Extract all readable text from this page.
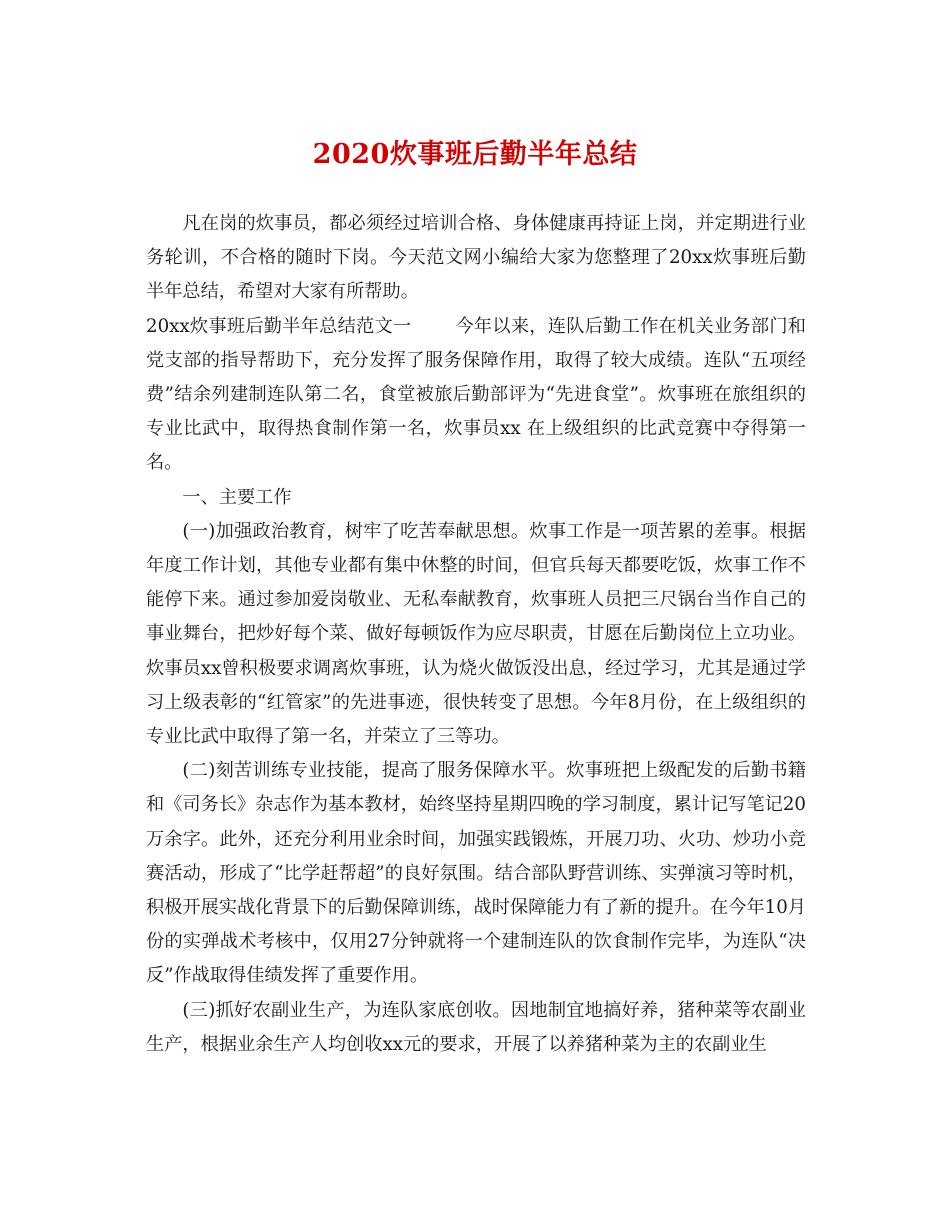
2020炊事班后勤半年总结

凡在岗的炊事员，都必须经过培训合格、身体健康再持证上岗，并定期进行业务轮训，不合格的随时下岗。今天范文网小编给大家为您整理了20xx炊事班后勤半年总结，希望对大家有所帮助。

20xx炊事班后勤半年总结范文一 今年以来，连队后勤工作在机关业务部门和党支部的指导帮助下，充分发挥了服务保障作用，取得了较大成绩。连队“五项经费”结余列建制连队第二名，食堂被旅后勤部评为“先进食堂”。炊事班在旅组织的专业比武中，取得热食制作第一名，炊事员xx 在上级组织的比武竞赛中夺得第一名。

一、主要工作

(一)加强政治教育，树牢了吃苦奉献思想。炊事工作是一项苦累的差事。根据年度工作计划，其他专业都有集中休整的时间，但官兵每天都要吃饭，炊事工作不能停下来。通过参加爱岗敬业、无私奉献教育，炊事班人员把三尺锅台当作自己的事业舞台，把炒好每个菜、做好每顿饭作为应尽职责，甘愿在后勤岗位上立功业。炊事员xx曾积极要求调离炊事班，认为烧火做饭没出息，经过学习，尤其是通过学习上级表彰的“红管家”的先进事迹，很快转变了思想。今年8月份，在上级组织的专业比武中取得了第一名，并荣立了三等功。

(二)刻苦训练专业技能，提高了服务保障水平。炊事班把上级配发的后勤书籍和《司务长》杂志作为基本教材，始终坚持星期四晚的学习制度，累计记写笔记20万余字。此外，还充分利用业余时间，加强实践锻炼，开展刀功、火功、炒功小竞赛活动，形成了“比学赶帮超”的良好氛围。结合部队野营训练、实弹演习等时机，积极开展实战化背景下的后勤保障训练，战时保障能力有了新的提升。在今年10月份的实弹战术考核中，仅用27分钟就将一个建制连队的饮食制作完毕，为连队“决反”作战取得佳绩发挥了重要作用。

(三)抓好农副业生产，为连队家底创收。因地制宜地搞好养，猪种菜等农副业生产，根据业余生产人均创收xx元的要求，开展了以养猪种菜为主的农副业生
